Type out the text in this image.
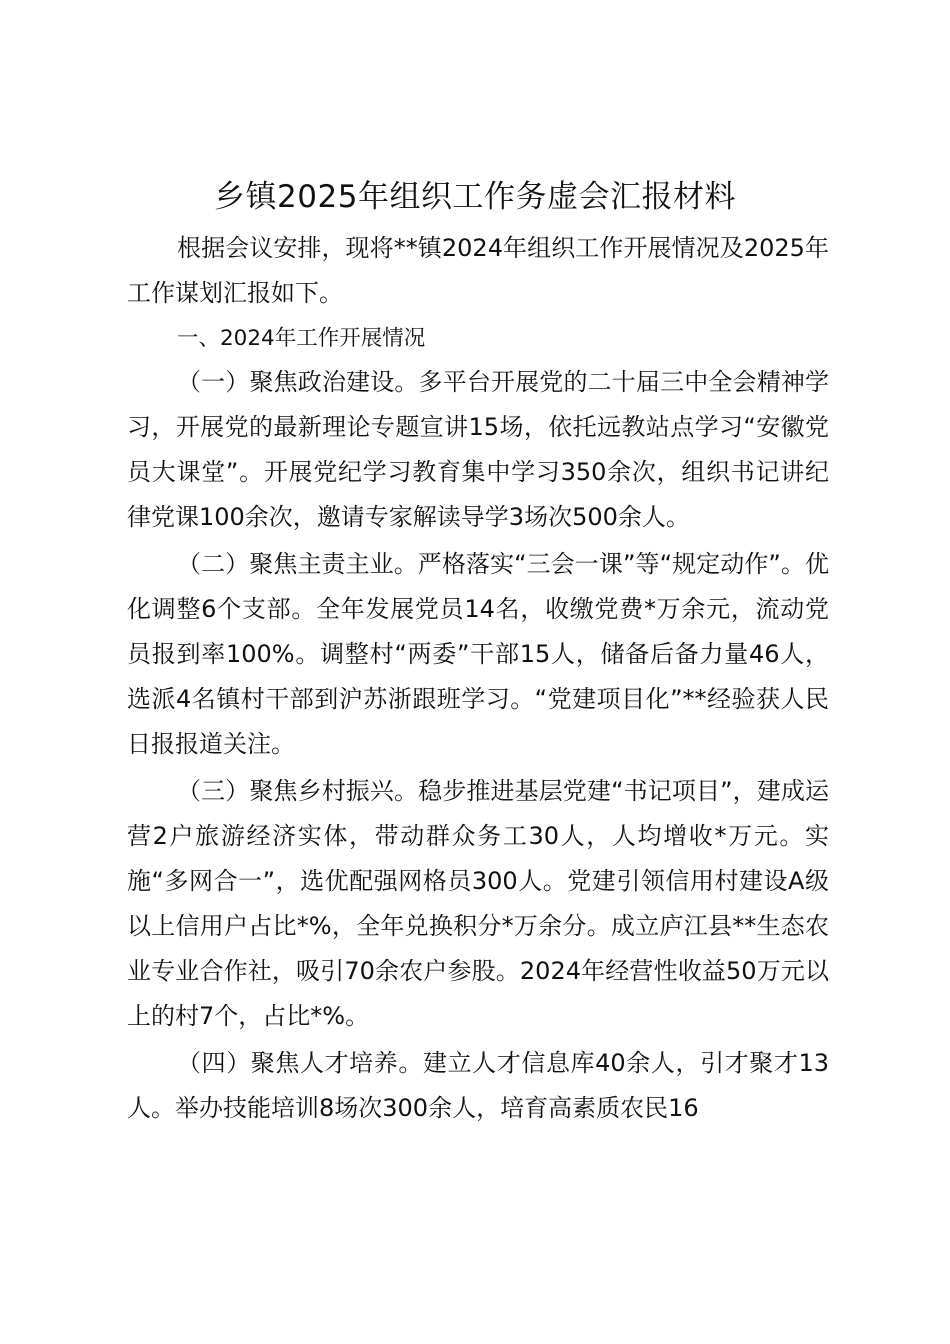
乡镇2025年组织工作务虚会汇报材料

根据会议安排，现将**镇2024年组织工作开展情况及2025年工作谋划汇报如下。

一、2024年工作开展情况

（一）聚焦政治建设。多平台开展党的二十届三中全会精神学习，开展党的最新理论专题宣讲15场，依托远教站点学习“安徽党员大课堂”。开展党纪学习教育集中学习350余次，组织书记讲纪律党课100余次，邀请专家解读导学3场次500余人。

（二）聚焦主责主业。严格落实“三会一课”等“规定动作”。优化调整6个支部。全年发展党员14名，收缴党费*万余元，流动党员报到率100%。调整村“两委”干部15人，储备后备力量46人，选派4名镇村干部到沪苏浙跟班学习。“党建项目化”**经验获人民日报报道关注。

（三）聚焦乡村振兴。稳步推进基层党建“书记项目”，建成运营2户旅游经济实体，带动群众务工30人，人均增收*万元。实施“多网合一”，选优配强网格员300人。党建引领信用村建设A级以上信用户占比*%，全年兑换积分*万余分。成立庐江县**生态农业专业合作社，吸引70余农户参股。2024年经营性收益50万元以上的村7个，占比*%。

（四）聚焦人才培养。建立人才信息库40余人，引才聚才13人。举办技能培训8场次300余人，培育高素质农民16
